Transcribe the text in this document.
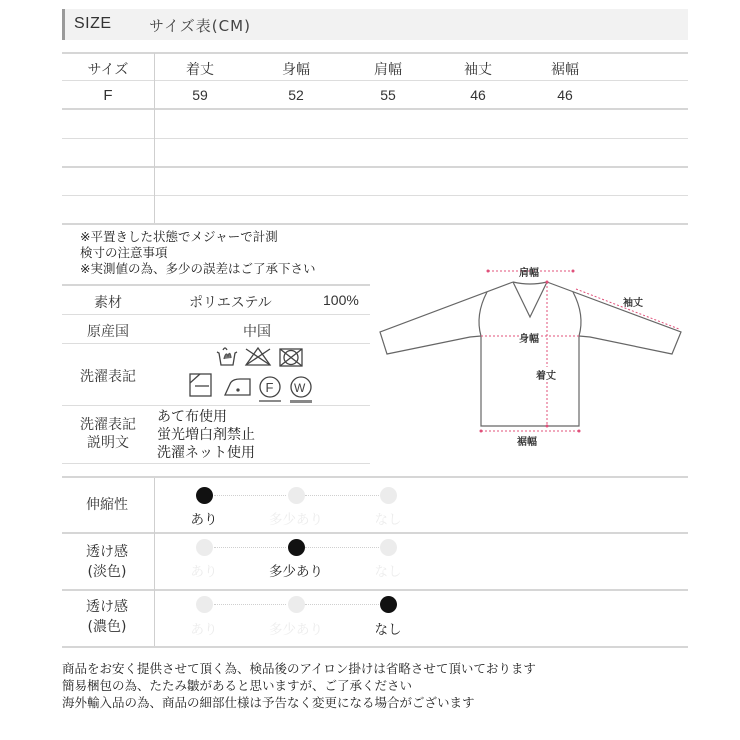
SIZE サイズ表(CM)
サイズ	着丈	身幅	肩幅	袖丈	裾幅
F	59	52	55	46	46
※平置きした状態でメジャーで計測
検寸の注意事項
※実測値の為、多少の誤差はご了承下さい
素材	ポリエステル	100%
原産国	中国
洗濯表記
F W
洗濯表記
説明文
あて布使用
蛍光増白剤禁止
洗濯ネット使用
肩幅
袖丈
身幅
着丈
裾幅
伸縮性
あり	多少あり	なし
透け感
(淡色)	あり	多少あり	なし
透け感
(濃色)	あり	多少あり	なし
商品をお安く提供させて頂く為、検品後のアイロン掛けは省略させて頂いております
簡易梱包の為、たたみ皺があると思いますが、ご了承ください
海外輸入品の為、商品の細部仕様は予告なく変更になる場合がございます
